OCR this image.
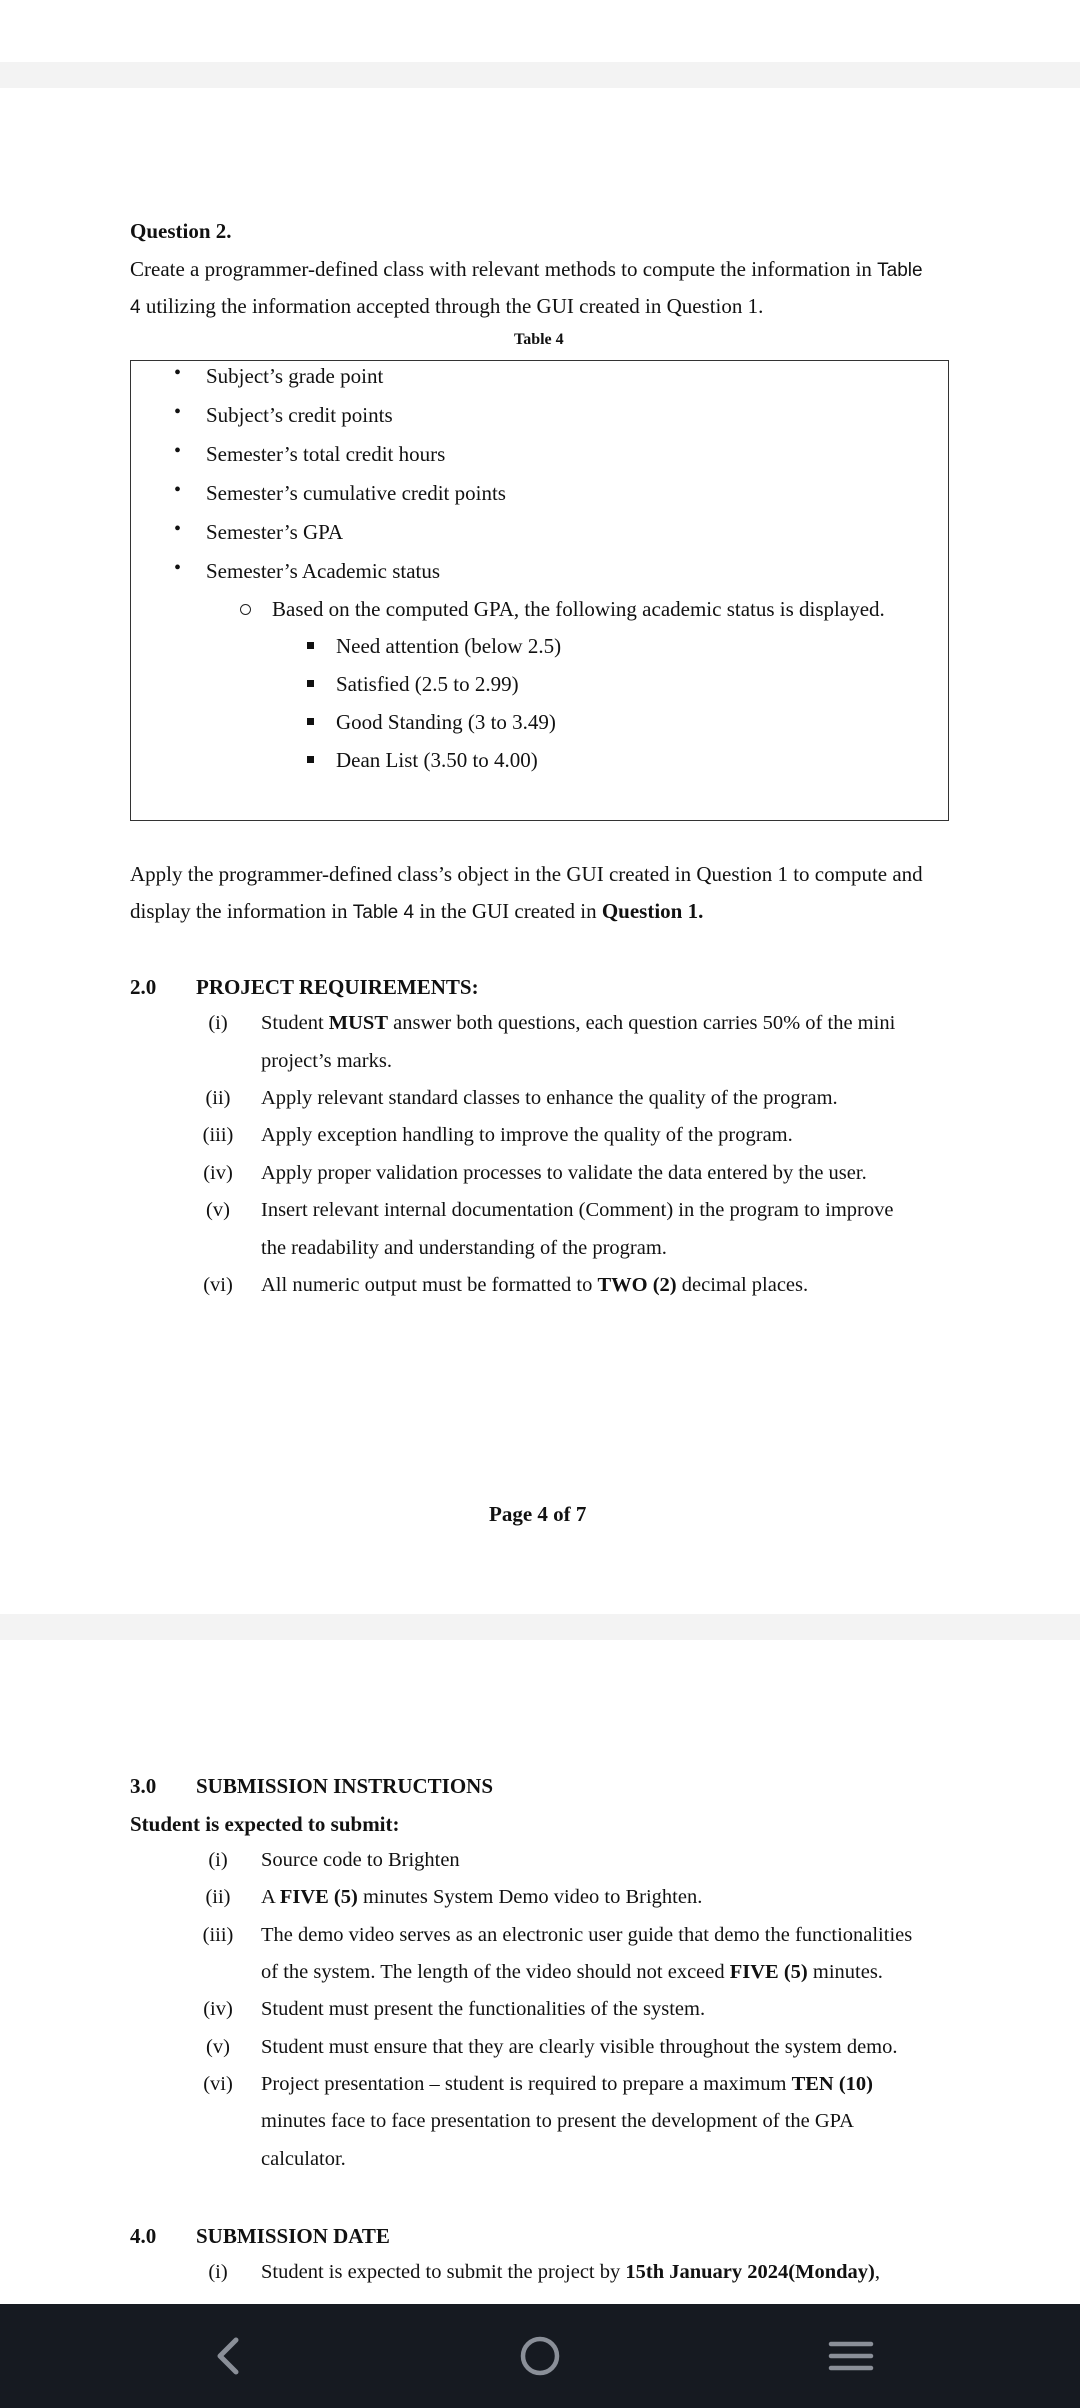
Question 2.
Create a programmer-defined class with relevant methods to compute the information in Table
4 utilizing the information accepted through the GUI created in Question 1.
Table 4
• Subject’s grade point
• Subject’s credit points
• Semester’s total credit hours
• Semester’s cumulative credit points
• Semester’s GPA
• Semester’s Academic status
Based on the computed GPA, the following academic status is displayed.
Need attention (below 2.5)
Satisfied (2.5 to 2.99)
Good Standing (3 to 3.49)
Dean List (3.50 to 4.00)
Apply the programmer-defined class’s object in the GUI created in Question 1 to compute and
display the information in Table 4 in the GUI created in Question 1.
2.0 PROJECT REQUIREMENTS:
(i)	Student MUST answer both questions, each question carries 50% of the mini
project’s marks.
(ii)	Apply relevant standard classes to enhance the quality of the program.
(iii)	Apply exception handling to improve the quality of the program.
(iv)	Apply proper validation processes to validate the data entered by the user.
(v)	Insert relevant internal documentation (Comment) in the program to improve
the readability and understanding of the program.
(vi)	All numeric output must be formatted to TWO (2) decimal places.
Page 4 of 7
3.0 SUBMISSION INSTRUCTIONS
Student is expected to submit:
(i)	Source code to Brighten
(ii)	A FIVE (5) minutes System Demo video to Brighten.
(iii)	The demo video serves as an electronic user guide that demo the functionalities
of the system. The length of the video should not exceed FIVE (5) minutes.
(iv)	Student must present the functionalities of the system.
(v)	Student must ensure that they are clearly visible throughout the system demo.
(vi)	Project presentation – student is required to prepare a maximum TEN (10)
minutes face to face presentation to present the development of the GPA
calculator.
4.0 SUBMISSION DATE
(i)	Student is expected to submit the project by 15th January 2024(Monday),
